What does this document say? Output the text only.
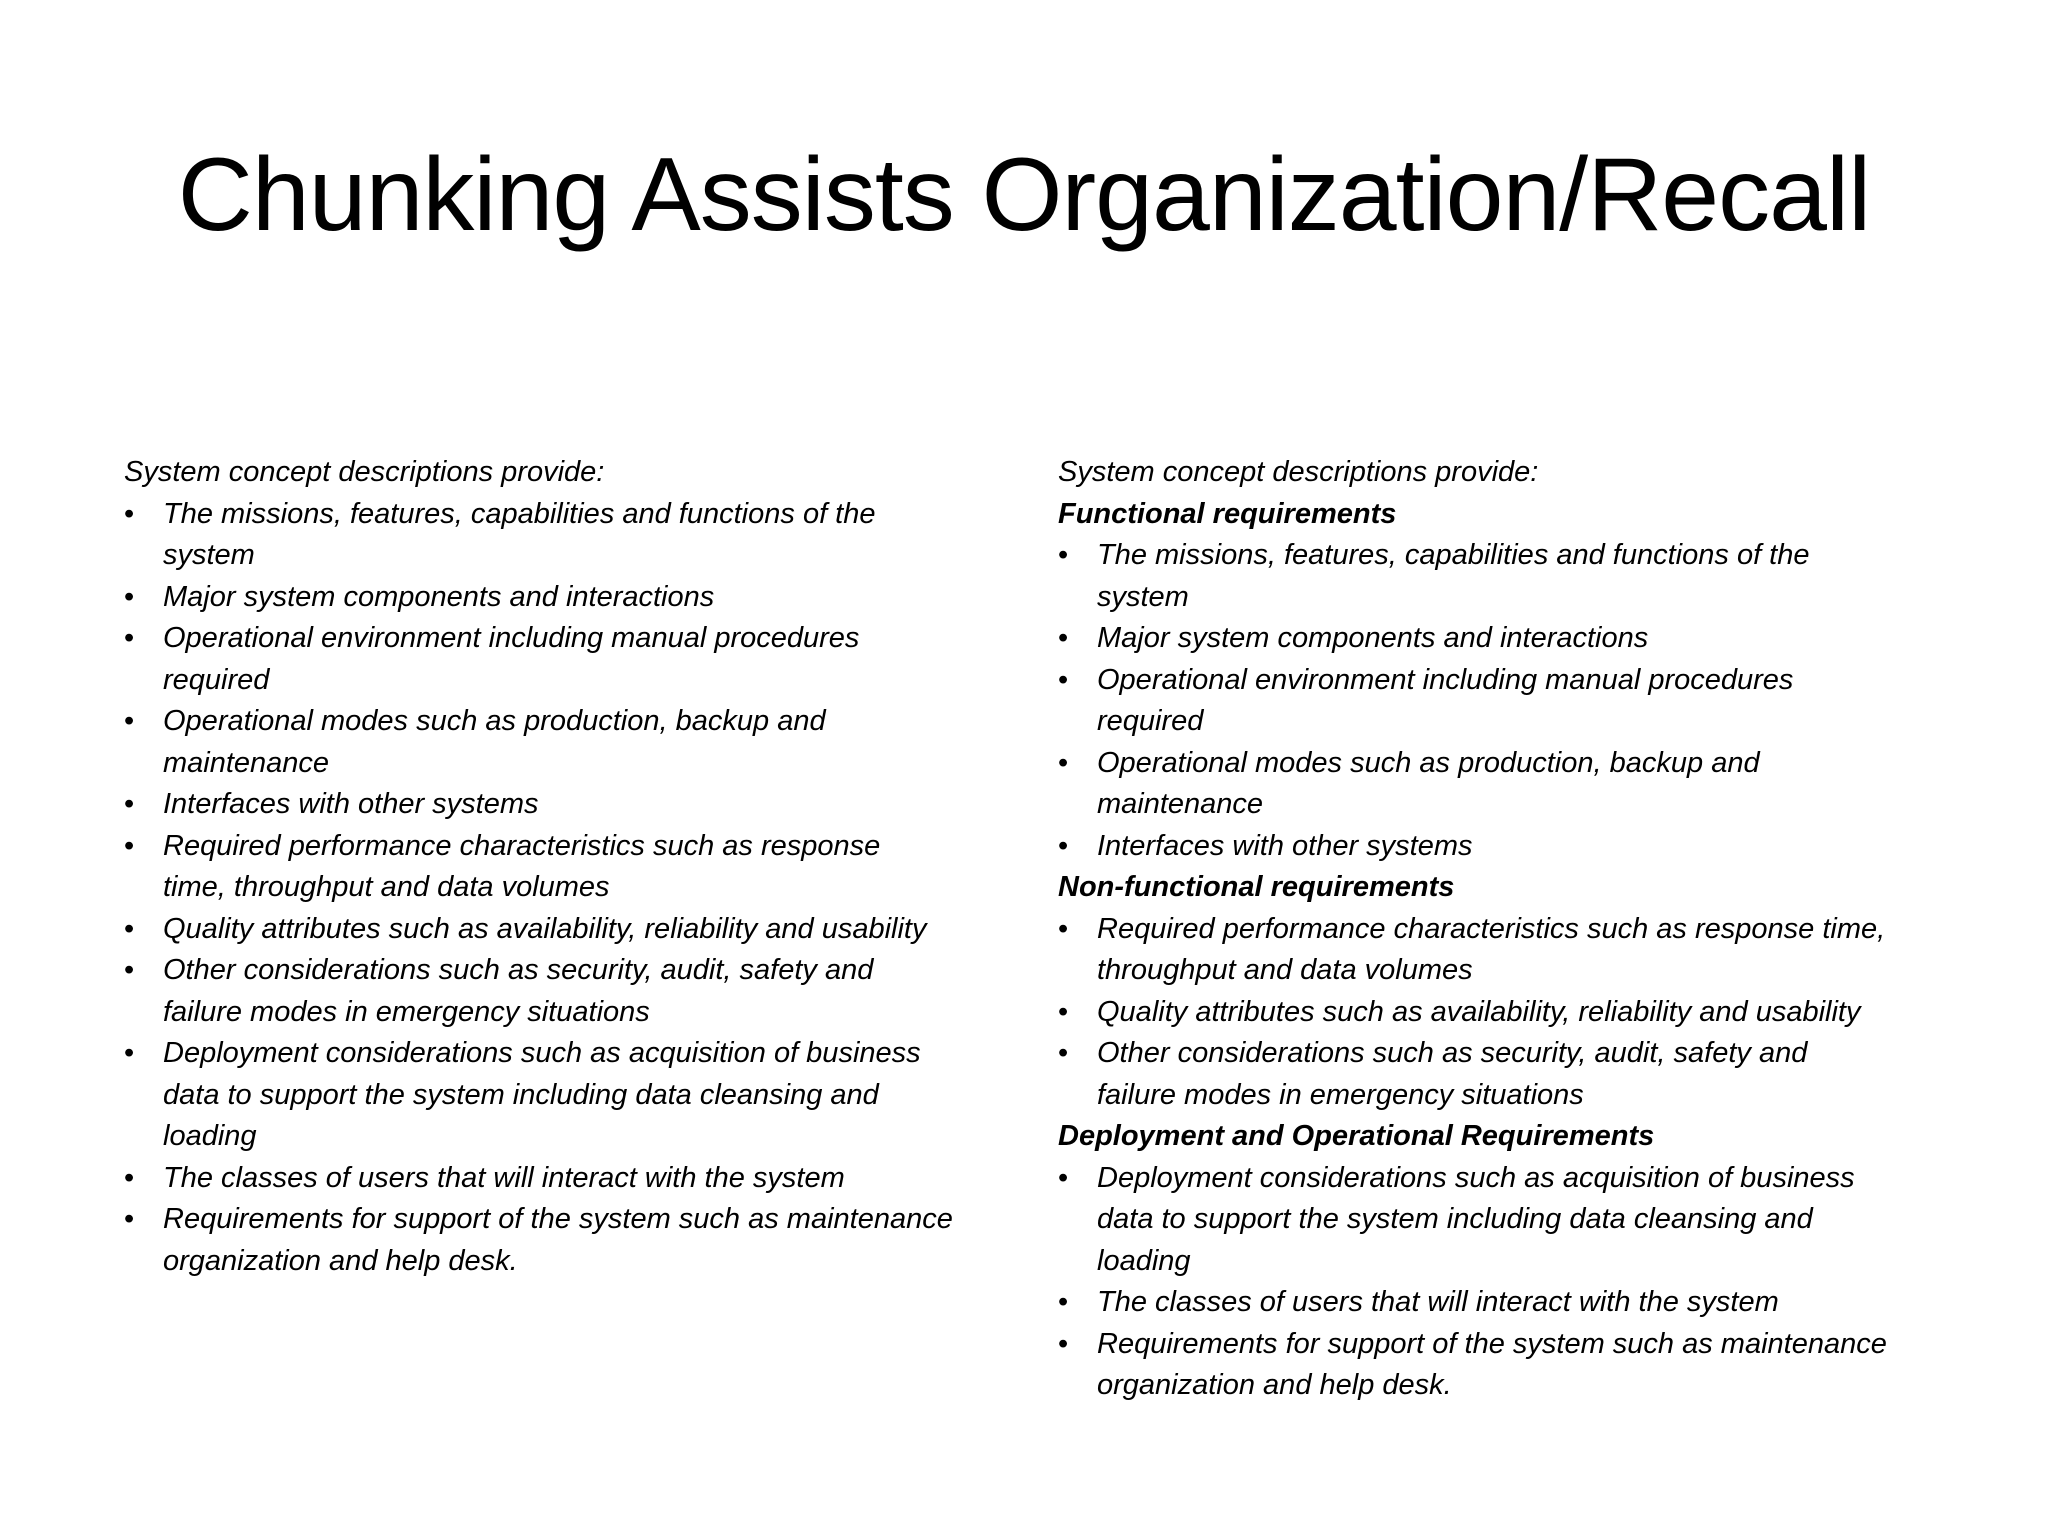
Chunking Assists Organization/Recall

System concept descriptions provide:

• The missions, features, capabilities and functions of the
system
• Major system components and interactions
• Operational environment including manual procedures
required
• Operational modes such as production, backup and
maintenance
• Interfaces with other systems
• Required performance characteristics such as response
time, throughput and data volumes
• Quality attributes such as availability, reliability and usability
• Other considerations such as security, audit, safety and
failure modes in emergency situations
• Deployment considerations such as acquisition of business
data to support the system including data cleansing and
loading
• The classes of users that will interact with the system
• Requirements for support of the system such as maintenance
organization and help desk.

System concept descriptions provide:

Functional requirements

• The missions, features, capabilities and functions of the
system
• Major system components and interactions
• Operational environment including manual procedures
required
• Operational modes such as production, backup and
maintenance
• Interfaces with other systems

Non-functional requirements

• Required performance characteristics such as response time,
throughput and data volumes
• Quality attributes such as availability, reliability and usability
• Other considerations such as security, audit, safety and
failure modes in emergency situations

Deployment and Operational Requirements

• Deployment considerations such as acquisition of business
data to support the system including data cleansing and
loading
• The classes of users that will interact with the system
• Requirements for support of the system such as maintenance
organization and help desk.
